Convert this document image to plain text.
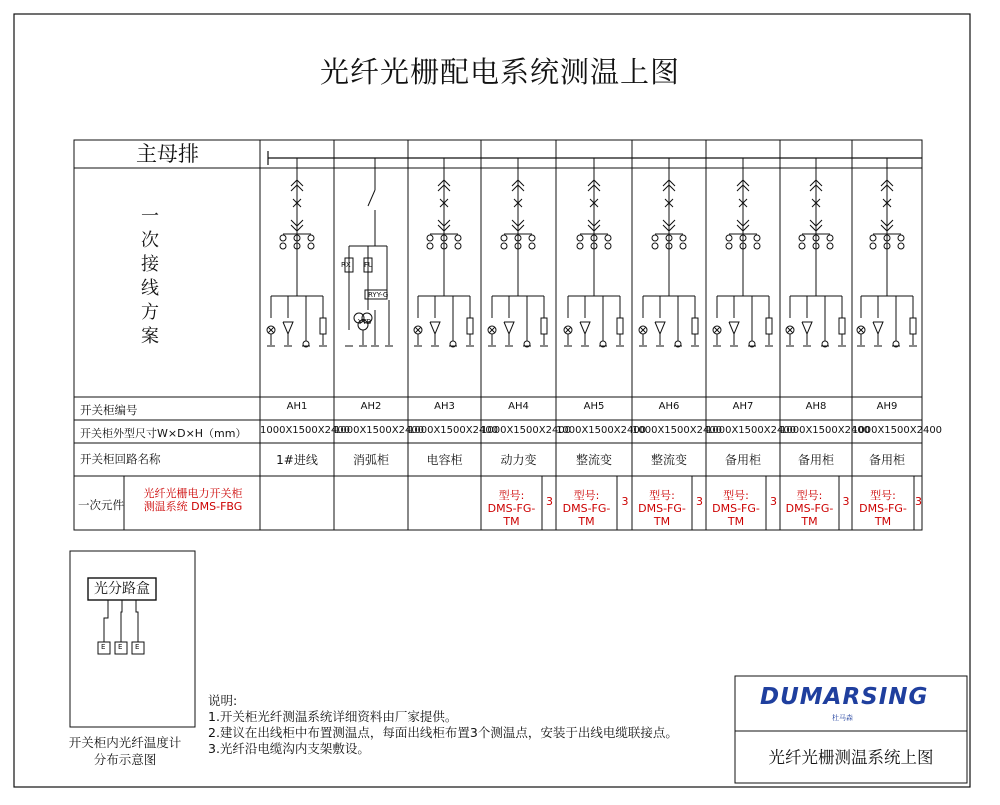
光纤光栅配电系统测温上图
主母排
一
次
接
线
方
案
开关柜编号
开关柜外型尺寸W×D×H（mm）
开关柜回路名称
一次元件
AH1
1000X1500X2400
1#进线
AH2
1000X1500X2400
消弧柜
AH3
1000X1500X2400
电容柜
AH4
1000X1500X2400
动力变
型号:
DMS-FG-TM
3
AH5
1000X1500X2400
整流变
型号:
DMS-FG-TM
3
AH6
1000X1500X2400
整流变
型号:
DMS-FG-TM
3
AH7
1000X1500X2400
备用柜
型号:
DMS-FG-TM
3
AH8
1000X1500X2400
备用柜
型号:
DMS-FG-TM
3
AH9
1000X1500X2400
备用柜
型号:
DMS-FG-TM
3
光纤光栅电力开关柜
测温系统 DMS-FBG
光分路盒
E E E
开关柜内光纤温度计
分布示意图
说明:
1.开关柜光纤测温系统详细资料由厂家提供。
2.建议在出线柜中布置测温点，每面出线柜布置3个测温点，安装于出线电缆联接点。
3.光纤沿电缆沟内支架敷设。
DUMARSING
杜马森
光纤光栅测温系统上图
RX FU
RYY-G
YTB
